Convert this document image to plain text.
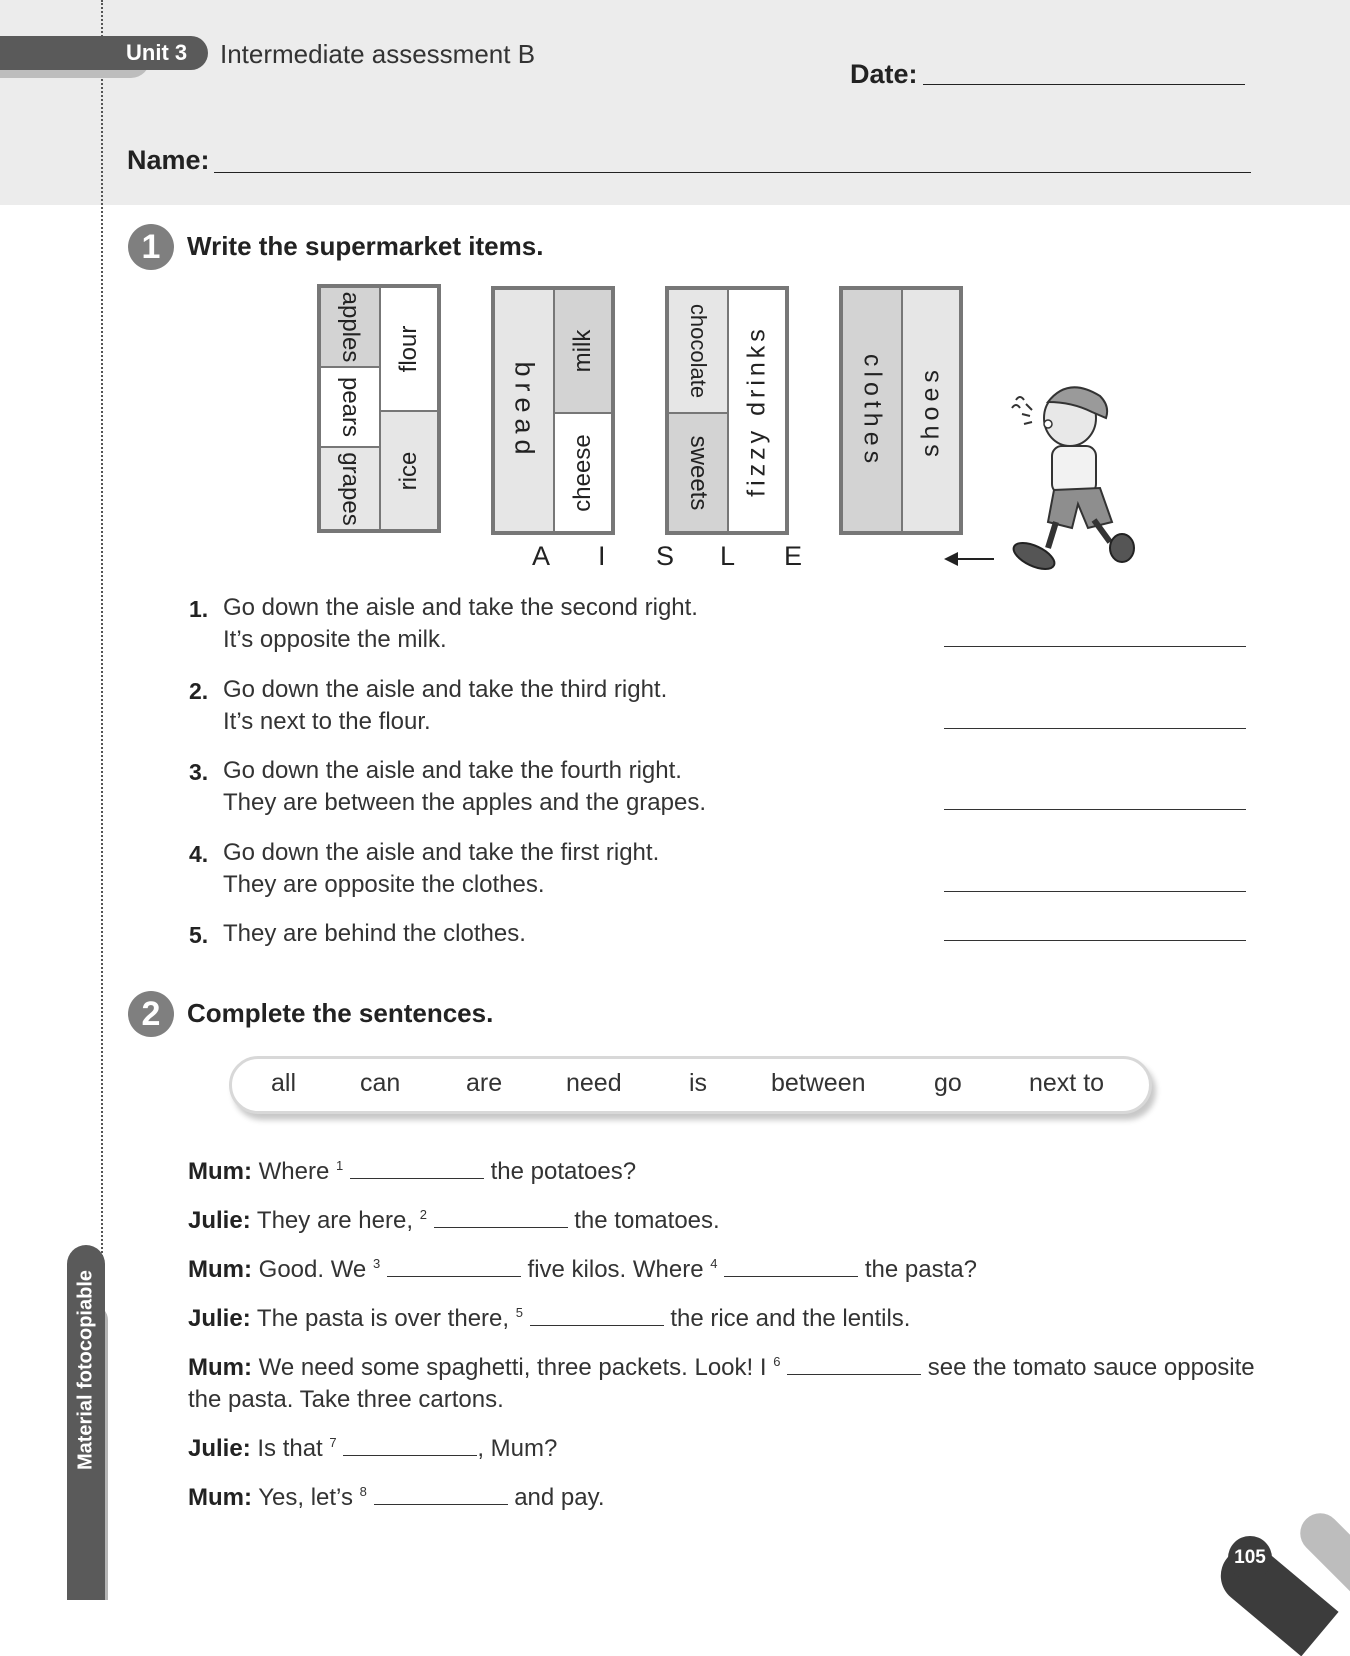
Unit 3 Intermediate assessment B
Date:
Name:
1	Write the supermarket items.
apples
pears
grapes
flour
rice
bread
milk
cheese
chocolate
sweets fizzy drinks	clothes shoes
A I S L E
1. Go down the aisle and take the second right.
It’s opposite the milk.
2. Go down the aisle and take the third right.
It’s next to the flour.
3. Go down the aisle and take the fourth right.
They are between the apples and the grapes.
4. Go down the aisle and take the first right.
They are opposite the clothes.
5. They are behind the clothes.
2	Complete the sentences.
all	can	are	need	is	between	go	next to
Mum: Where $^1$	the potatoes?
Julie: They are here, $^2$	the tomatoes.
Mum: Good. We $^3$	five kilos. Where $^4$	the pasta?
Julie: The pasta is over there, $^5$	the rice and the lentils.
Mum: We need some spaghetti, three packets. Look! I $^6$	see the tomato sauce opposite
the pasta. Take three cartons.
Julie: Is that $^7$	, Mum?
Mum: Yes, let’s $^8$	and pay.
Material fotocopiable
105
